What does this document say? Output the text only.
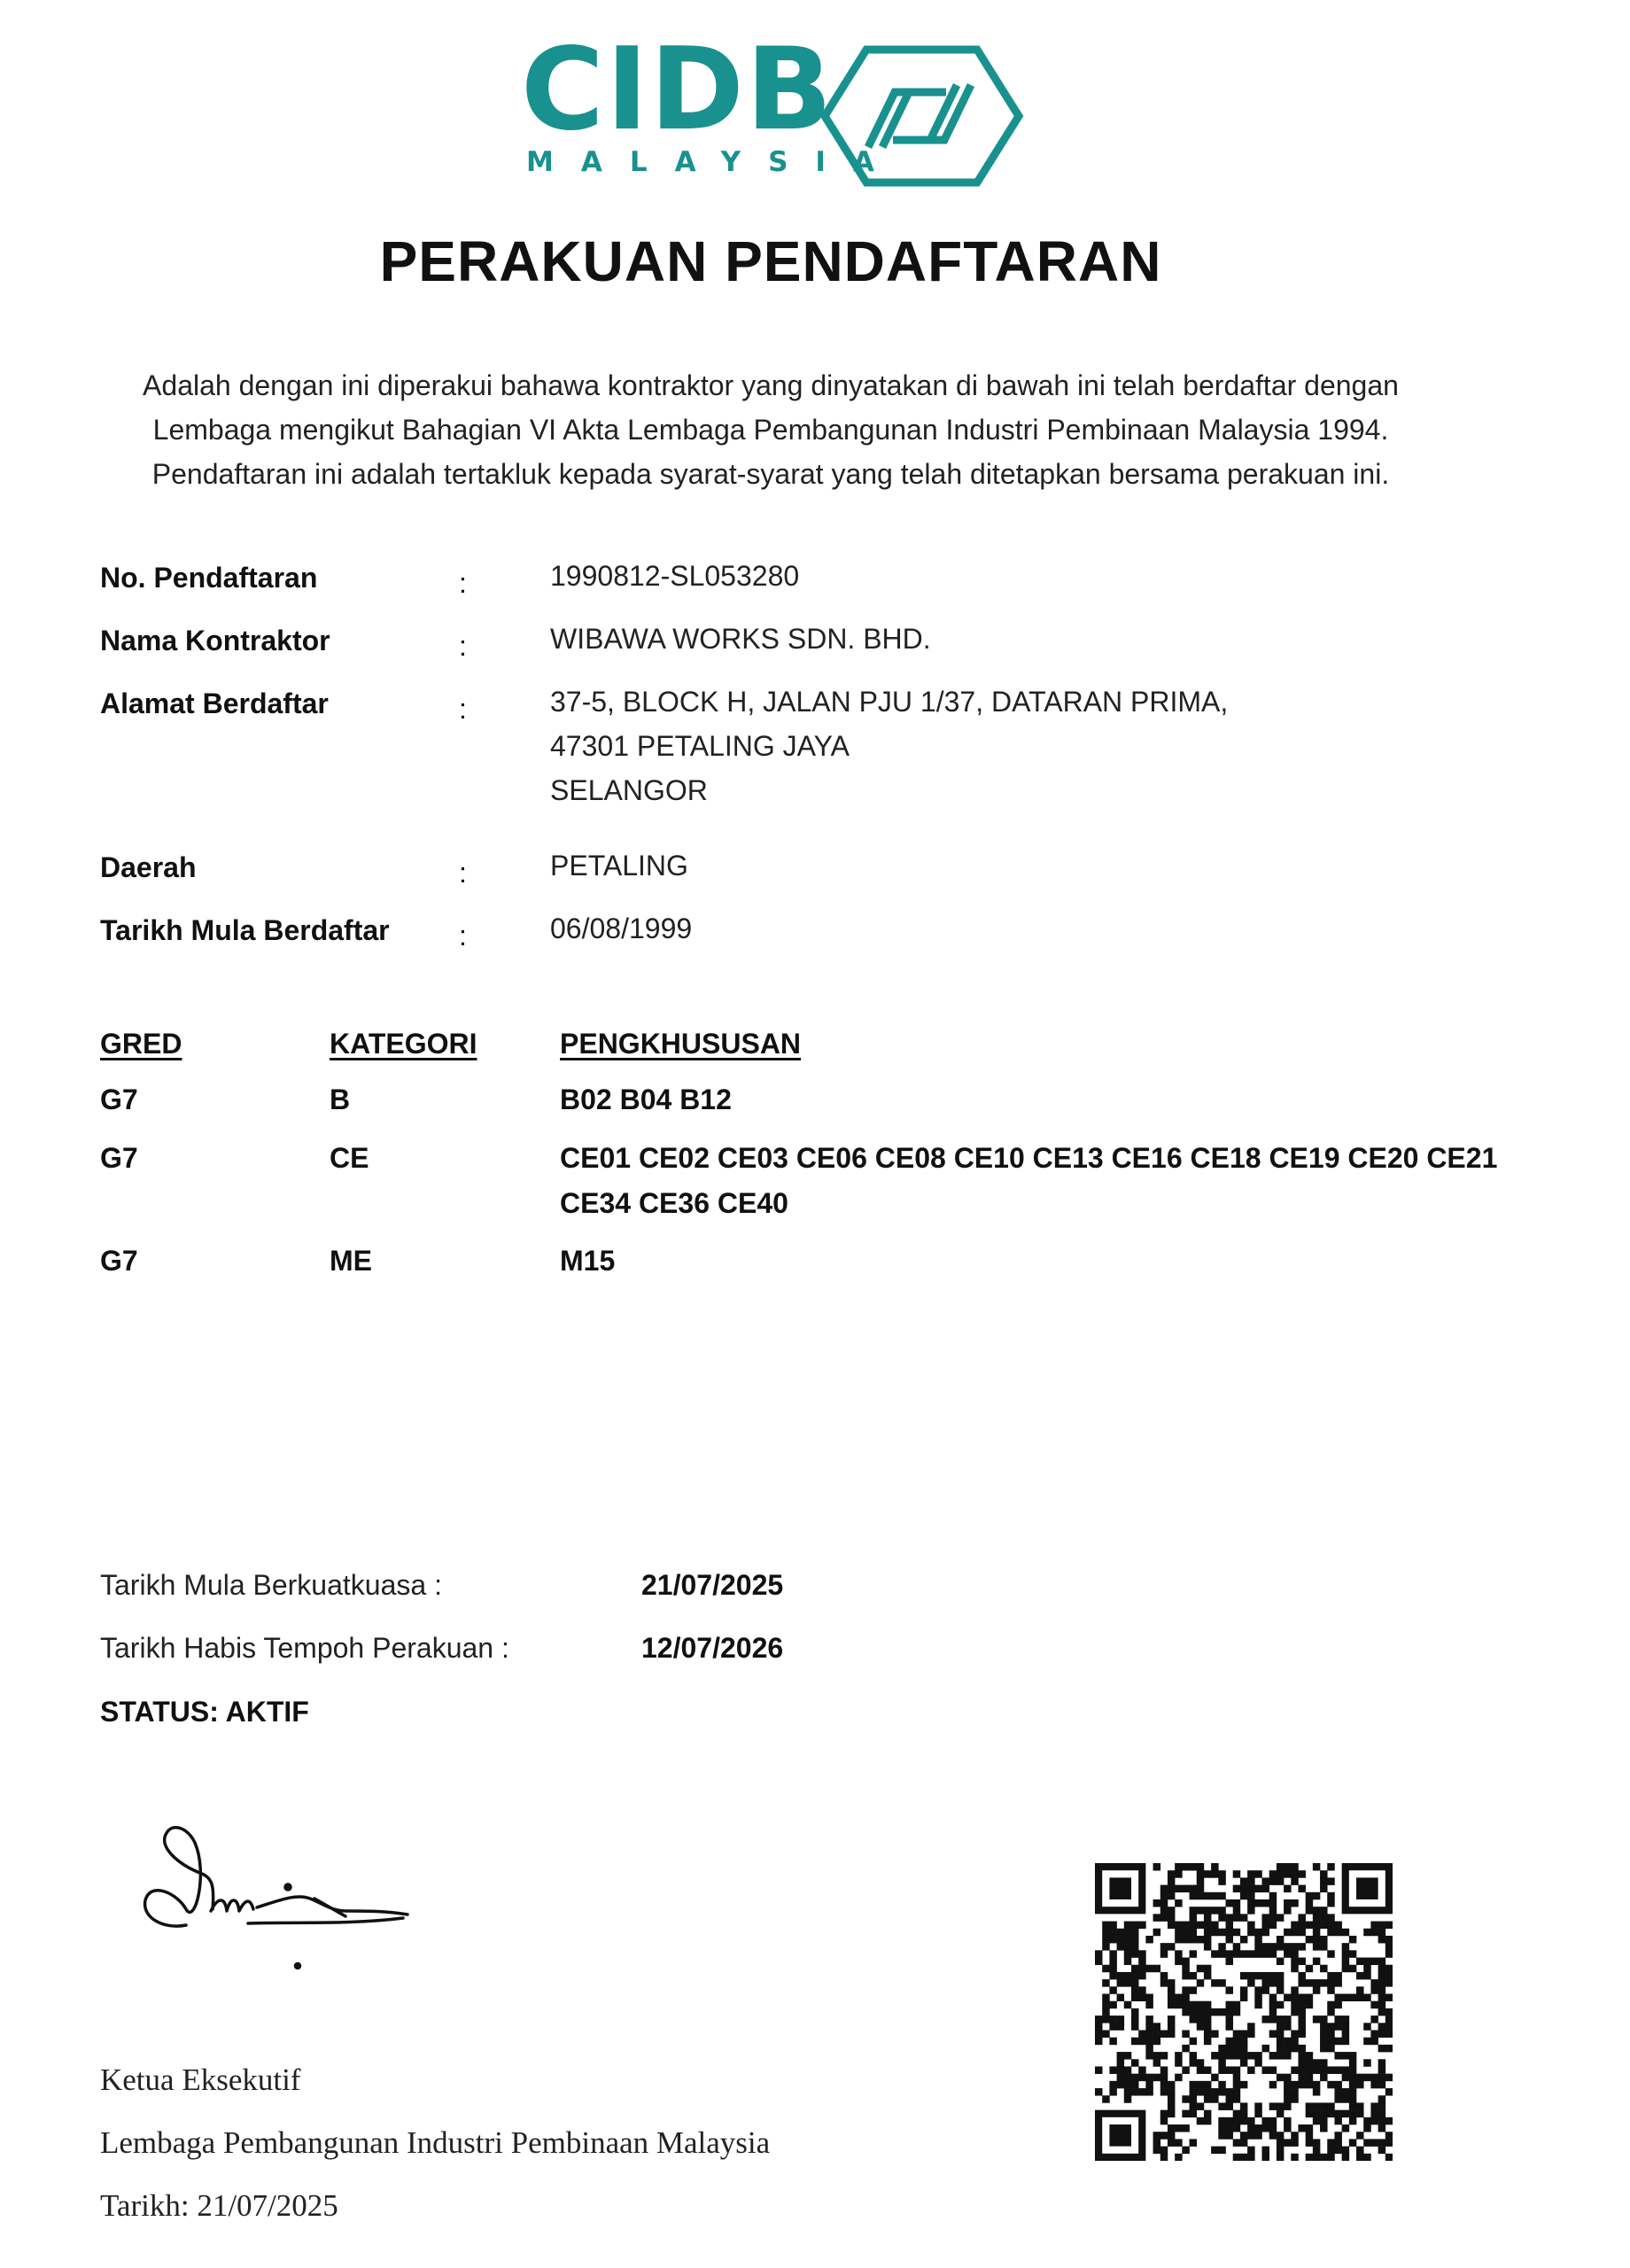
CIDB
MALAYSIA
PERAKUAN PENDAFTARAN
Adalah dengan ini diperakui bahawa kontraktor yang dinyatakan di bawah ini telah berdaftar dengan
Lembaga mengikut Bahagian VI Akta Lembaga Pembangunan Industri Pembinaan Malaysia 1994.
Pendaftaran ini adalah tertakluk kepada syarat-syarat yang telah ditetapkan bersama perakuan ini.
No. Pendaftaran	:	1990812-SL053280
Nama Kontraktor	:	WIBAWA WORKS SDN. BHD.
Alamat Berdaftar	:	37-5, BLOCK H, JALAN PJU 1/37, DATARAN PRIMA,
47301 PETALING JAYA
SELANGOR
Daerah	:	PETALING
Tarikh Mula Berdaftar :	06/08/1999
GRED	KATEGORI	PENGKHUSUSAN
G7	B	B02 B04 B12
G7	CE	CE01 CE02 CE03 CE06 CE08 CE10 CE13 CE16 CE18 CE19 CE20 CE21
CE34 CE36 CE40
G7	ME	M15
Tarikh Mula Berkuatkuasa :	21/07/2025
Tarikh Habis Tempoh Perakuan :	12/07/2026
STATUS: AKTIF
Ketua Eksekutif
Lembaga Pembangunan Industri Pembinaan Malaysia
Tarikh: 21/07/2025
